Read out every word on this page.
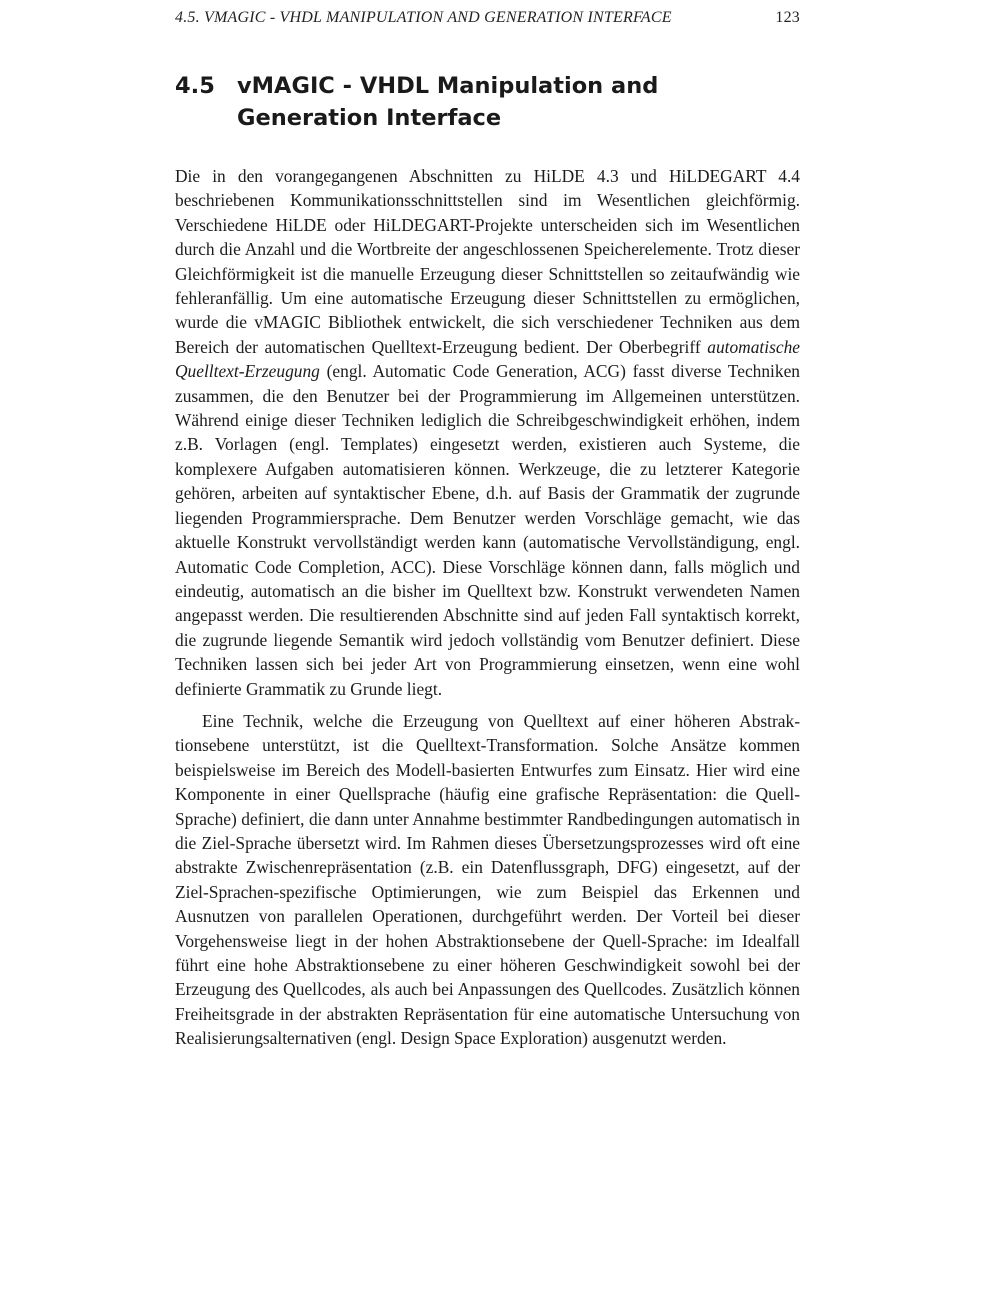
4.5. VMAGIC - VHDL MANIPULATION AND GENERATION INTERFACE	123
4.5 vMAGIC - VHDL Manipulation and Generation Interface

Die in den vorangegangenen Abschnitten zu HiLDE 4.3 und HiLDEGART 4.4 beschriebenen Kommunikationsschnittstellen sind im Wesentlichen gleichförmig. Verschiedene HiLDE oder HiLDEGART-Projekte unterscheiden sich im Wesentlichen durch die Anzahl und die Wortbreite der angeschlossenen Speicherelemente. Trotz dieser Gleichförmigkeit ist die manuelle Erzeugung dieser Schnittstellen so zeitaufwändig wie fehleranfällig. Um eine automatische Erzeugung dieser Schnittstellen zu ermöglichen, wurde die vMAGIC Bibliothek entwickelt, die sich verschiedener Techniken aus dem Bereich der automatischen Quelltext-Erzeugung bedient. Der Oberbegriff automatische Quelltext-Erzeugung (engl. Automatic Code Generation, ACG) fasst diverse Techniken zusammen, die den Benutzer bei der Programmierung im Allgemeinen unterstützen. Während einige dieser Techniken lediglich die Schreibgeschwindigkeit erhöhen, indem z.B. Vorlagen (engl. Templates) eingesetzt werden, existieren auch Systeme, die komplexere Aufgaben automatisieren können. Werkzeuge, die zu letzterer Kategorie gehören, arbeiten auf syntaktischer Ebene, d.h. auf Basis der Grammatik der zugrunde liegenden Programmiersprache. Dem Benutzer werden Vorschläge gemacht, wie das aktuelle Konstrukt vervollständigt werden kann (automatische Vervollständigung, engl. Automatic Code Completion, ACC). Diese Vorschläge können dann, falls möglich und eindeutig, automatisch an die bisher im Quelltext bzw. Konstrukt verwendeten Namen angepasst werden. Die resultierenden Abschnitte sind auf jeden Fall syntaktisch korrekt, die zugrunde liegende Semantik wird jedoch vollständig vom Benutzer definiert. Diese Techniken lassen sich bei jeder Art von Programmierung einsetzen, wenn eine wohl definierte Grammatik zu Grunde liegt.

Eine Technik, welche die Erzeugung von Quelltext auf einer höheren Abstraktionsebene unterstützt, ist die Quelltext-Transformation. Solche Ansätze kommen beispielsweise im Bereich des Modell-basierten Entwurfes zum Einsatz. Hier wird eine Komponente in einer Quellsprache (häufig eine grafische Repräsentation: die Quell-Sprache) definiert, die dann unter Annahme bestimmter Randbedingungen automatisch in die Ziel-Sprache übersetzt wird. Im Rahmen dieses Übersetzungsprozesses wird oft eine abstrakte Zwischenrepräsentation (z.B. ein Datenflussgraph, DFG) eingesetzt, auf der Ziel-Sprachen-spezifische Optimierungen, wie zum Beispiel das Erkennen und Ausnutzen von parallelen Operationen, durchgeführt werden. Der Vorteil bei dieser Vorgehensweise liegt in der hohen Abstraktionsebene der Quell-Sprache: im Idealfall führt eine hohe Abstraktionsebene zu einer höheren Geschwindigkeit sowohl bei der Erzeugung des Quellcodes, als auch bei Anpassungen des Quellcodes. Zusätzlich können Freiheitsgrade in der abstrakten Repräsentation für eine automatische Untersuchung von Realisierungsalternativen (engl. Design Space Exploration) ausgenutzt werden.
